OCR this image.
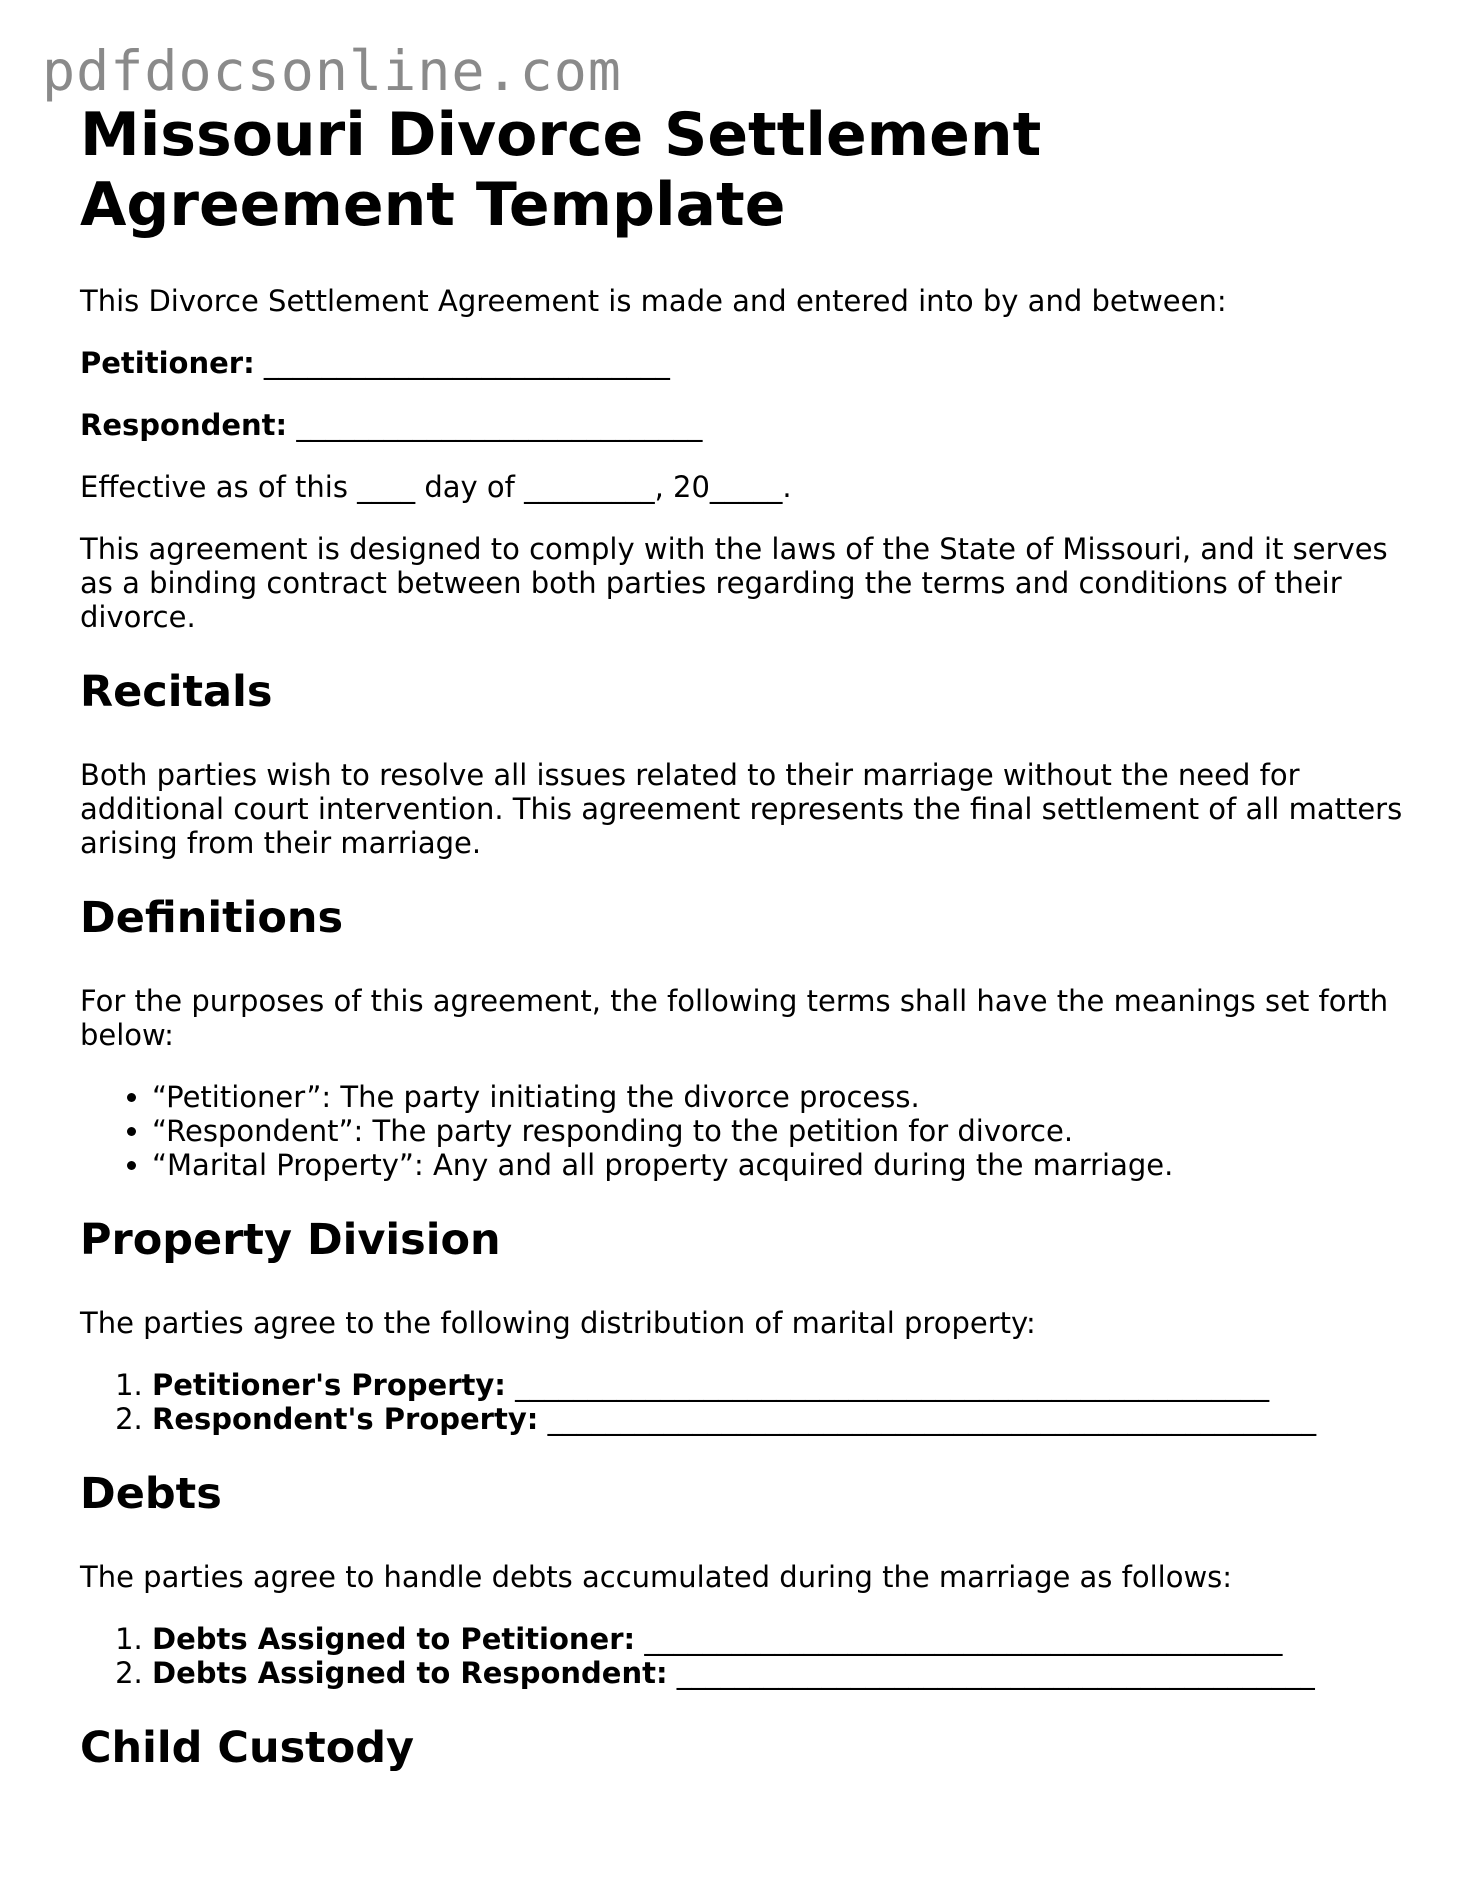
pdfdocsonline.com
Missouri Divorce Settlement Agreement Template

This Divorce Settlement Agreement is made and entered into by and between:

Petitioner: ____________________________

Respondent: ____________________________

Effective as of this ____ day of _________, 20_____.

This agreement is designed to comply with the laws of the State of Missouri, and it serves as a binding contract between both parties regarding the terms and conditions of their divorce.

Recitals

Both parties wish to resolve all issues related to their marriage without the need for additional court intervention. This agreement represents the final settlement of all matters arising from their marriage.

Definitions

For the purposes of this agreement, the following terms shall have the meanings set forth below:

• “Petitioner”: The party initiating the divorce process.
• “Respondent”: The party responding to the petition for divorce.
• “Marital Property”: Any and all property acquired during the marriage.
Property Division

The parties agree to the following distribution of marital property:

1. Petitioner's Property: ____________________________________________________
2. Respondent's Property: _____________________________________________________
Debts

The parties agree to handle debts accumulated during the marriage as follows:

1. Debts Assigned to Petitioner: ____________________________________________
2. Debts Assigned to Respondent: ____________________________________________
Child Custody
